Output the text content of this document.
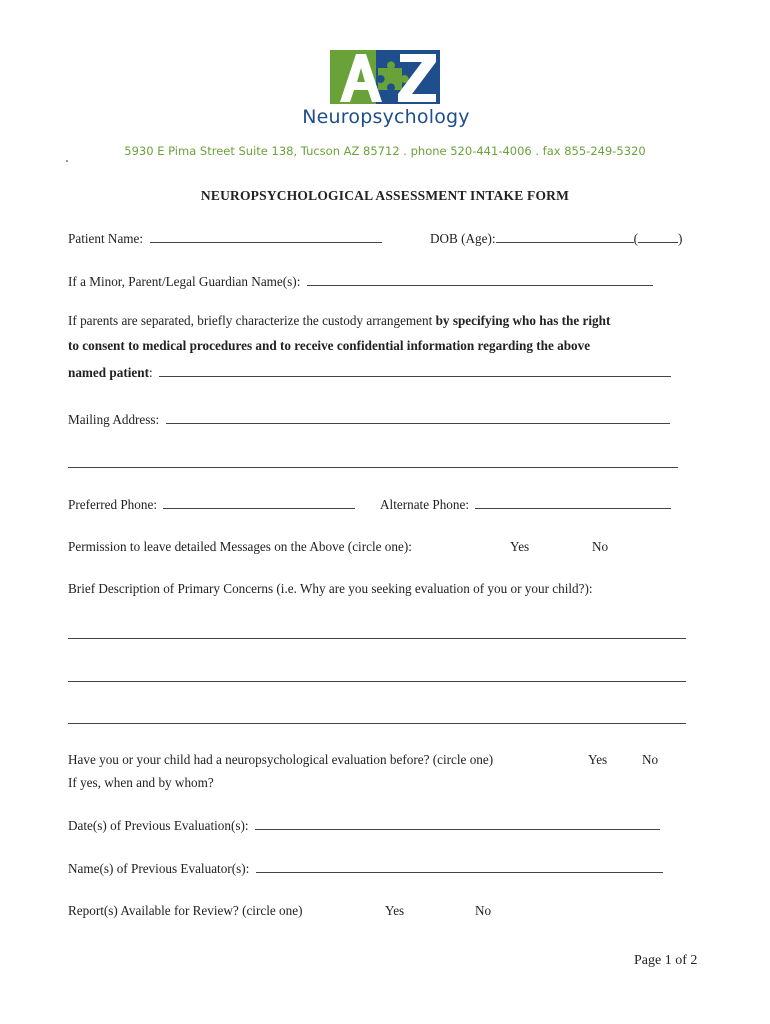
Neuropsychology
5930 E Pima Street Suite 138, Tucson AZ 85712 . phone 520-441-4006 . fax 855-249-5320
NEUROPSYCHOLOGICAL ASSESSMENT INTAKE FORM
Patient Name:	DOB (Age):	(	)
If a Minor, Parent/Legal Guardian Name(s):
If parents are separated, briefly characterize the custody arrangement by specifying who has the right
to consent to medical procedures and to receive confidential information regarding the above
named patient:
Mailing Address:
Preferred Phone:	Alternate Phone:
Permission to leave detailed Messages on the Above (circle one):	Yes	No
Brief Description of Primary Concerns (i.e. Why are you seeking evaluation of you or your child?):
Have you or your child had a neuropsychological evaluation before? (circle one)	Yes	No
If yes, when and by whom?
Date(s) of Previous Evaluation(s):
Name(s) of Previous Evaluator(s):
Report(s) Available for Review? (circle one)	Yes	No
Page 1 of 2
